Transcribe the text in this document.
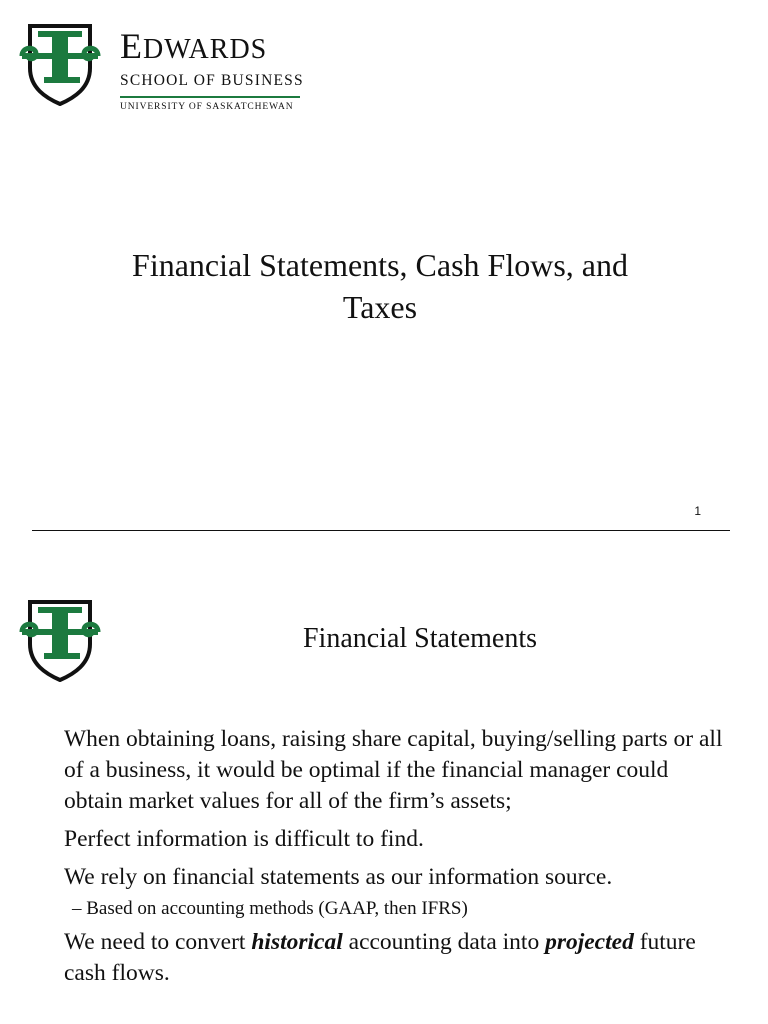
EDWARDS
SCHOOL OF BUSINESS
UNIVERSITY OF SASKATCHEWAN
Financial Statements, Cash Flows, and
Taxes
1
Financial Statements

When obtaining loans, raising share capital, buying/selling parts or all of a business, it would be optimal if the financial manager could obtain market values for all of the firm’s assets;

Perfect information is difficult to find.

We rely on financial statements as our information source.

– Based on accounting methods (GAAP, then IFRS)

We need to convert historical accounting data into projected future cash flows.
